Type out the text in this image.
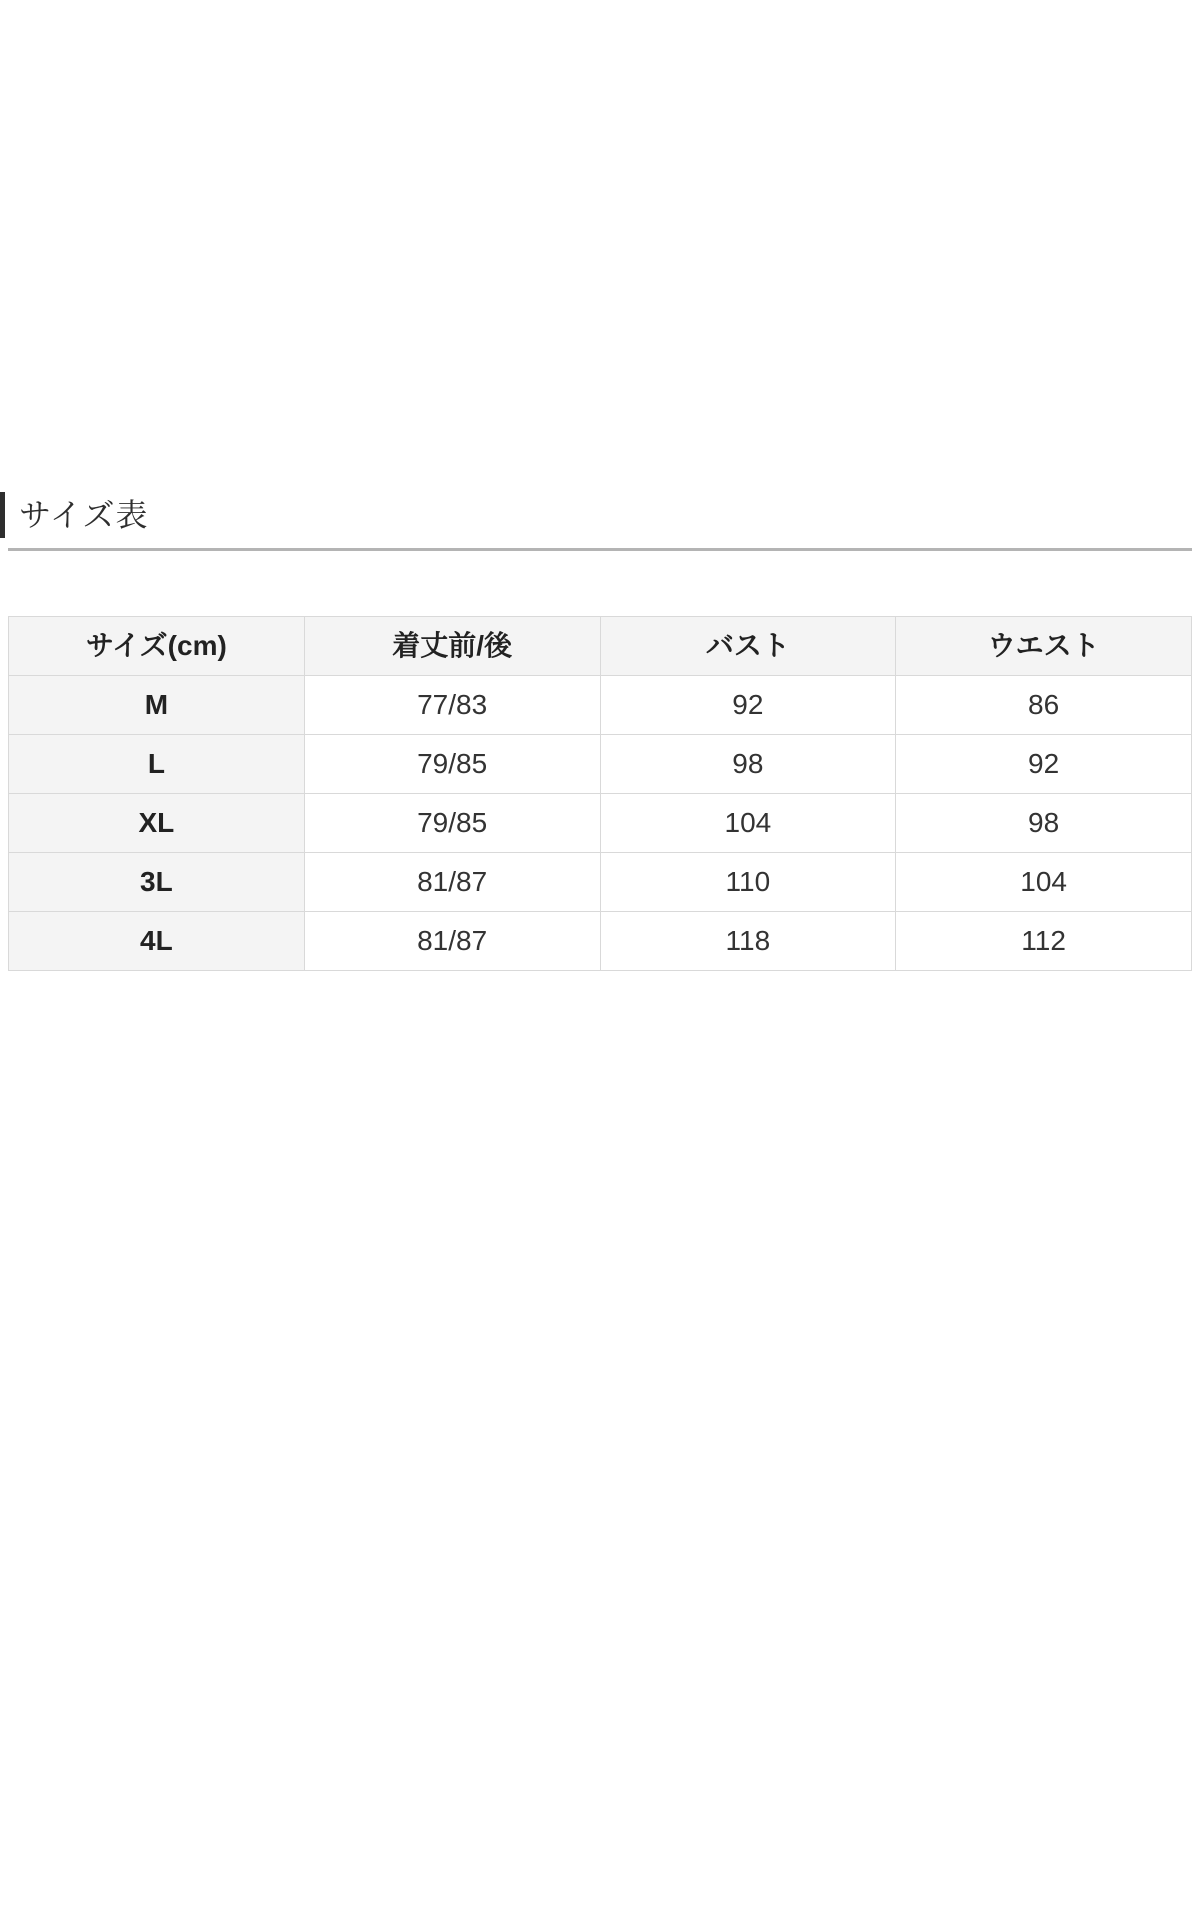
サイズ表
サイズ(cm)	着丈前/後	バスト	ウエスト
M	77/83	92	86
L	79/85	98	92
XL	79/85	104	98
3L	81/87	110	104
4L	81/87	118	112
